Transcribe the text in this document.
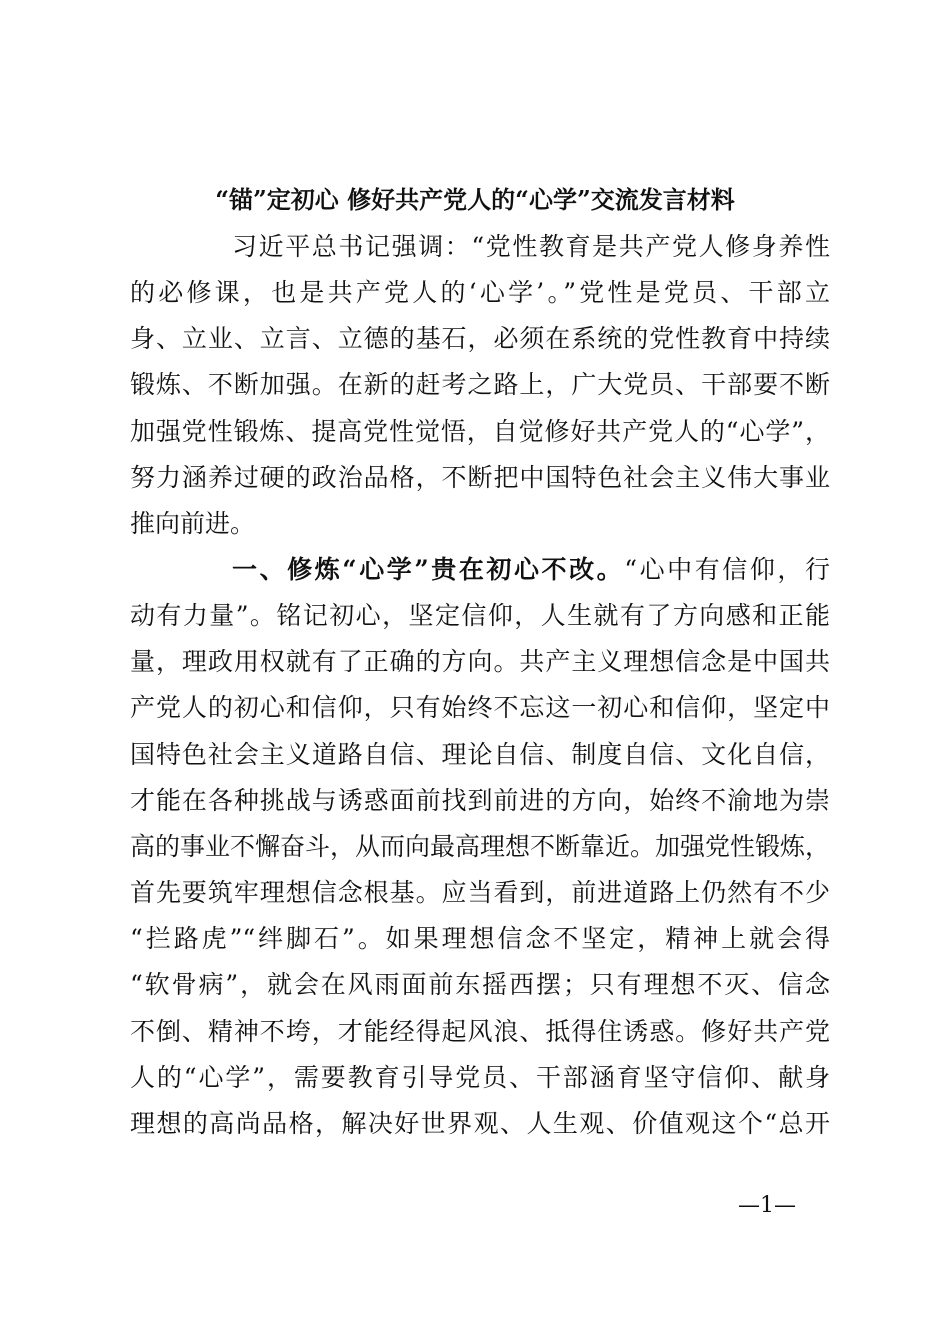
“锚”定初心 修好共产党人的“心学”交流发言材料
习近平总书记强调：“党性教育是共产党人修身养性
的必修课，也是共产党人的‘心学’。”党性是党员、干部立
身、立业、立言、立德的基石，必须在系统的党性教育中持续
锻炼、不断加强。在新的赶考之路上，广大党员、干部要不断
加强党性锻炼、提高党性觉悟，自觉修好共产党人的“心学”，
努力涵养过硬的政治品格，不断把中国特色社会主义伟大事业
推向前进。
一、修炼“心学”贵在初心不改。“心中有信仰，行
动有力量”。铭记初心，坚定信仰，人生就有了方向感和正能
量，理政用权就有了正确的方向。共产主义理想信念是中国共
产党人的初心和信仰，只有始终不忘这一初心和信仰，坚定中
国特色社会主义道路自信、理论自信、制度自信、文化自信，
才能在各种挑战与诱惑面前找到前进的方向，始终不渝地为崇
高的事业不懈奋斗，从而向最高理想不断靠近。加强党性锻炼，
首先要筑牢理想信念根基。应当看到，前进道路上仍然有不少
“拦路虎”“绊脚石”。如果理想信念不坚定，精神上就会得
“软骨病”，就会在风雨面前东摇西摆；只有理想不灭、信念
不倒、精神不垮，才能经得起风浪、抵得住诱惑。修好共产党
人的“心学”，需要教育引导党员、干部涵育坚守信仰、献身
理想的高尚品格，解决好世界观、人生观、价值观这个“总开
—1—
